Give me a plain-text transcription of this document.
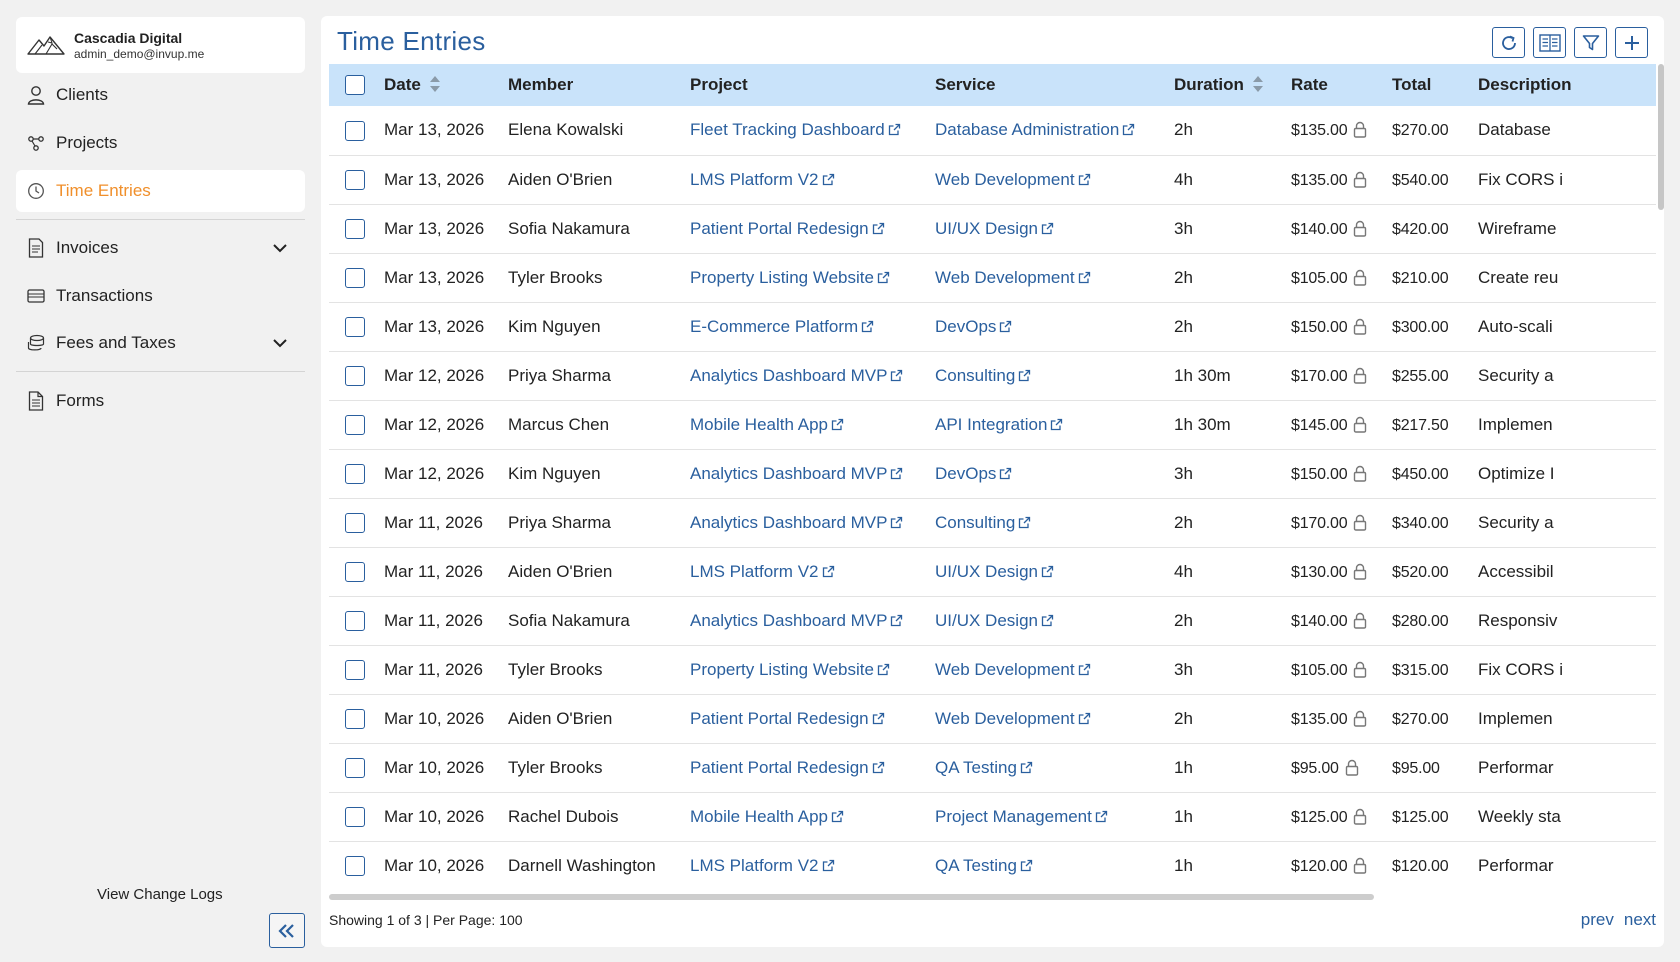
Cascadia Digital
admin_demo@invup.me
Clients
Projects
Time Entries
Invoices
Transactions
Fees and Taxes
Forms
View Change Logs
Time Entries
	Date	Member	Project	Service	Duration	Rate	Total	Description
	Mar 13, 2026	Elena Kowalski	Fleet Tracking Dashboard	Database Administration	2h	$135.00	$270.00	Database
	Mar 13, 2026	Aiden O'Brien	LMS Platform V2	Web Development	4h	$135.00	$540.00	Fix CORS i
	Mar 13, 2026	Sofia Nakamura	Patient Portal Redesign	UI/UX Design	3h	$140.00	$420.00	Wireframe
	Mar 13, 2026	Tyler Brooks	Property Listing Website	Web Development	2h	$105.00	$210.00	Create reu
	Mar 13, 2026	Kim Nguyen	E-Commerce Platform	DevOps	2h	$150.00	$300.00	Auto-scali
	Mar 12, 2026	Priya Sharma	Analytics Dashboard MVP	Consulting	1h 30m	$170.00	$255.00	Security a
	Mar 12, 2026	Marcus Chen	Mobile Health App	API Integration	1h 30m	$145.00	$217.50	Implemen
	Mar 12, 2026	Kim Nguyen	Analytics Dashboard MVP	DevOps	3h	$150.00	$450.00	Optimize I
	Mar 11, 2026	Priya Sharma	Analytics Dashboard MVP	Consulting	2h	$170.00	$340.00	Security a
	Mar 11, 2026	Aiden O'Brien	LMS Platform V2	UI/UX Design	4h	$130.00	$520.00	Accessibil
	Mar 11, 2026	Sofia Nakamura	Analytics Dashboard MVP	UI/UX Design	2h	$140.00	$280.00	Responsiv
	Mar 11, 2026	Tyler Brooks	Property Listing Website	Web Development	3h	$105.00	$315.00	Fix CORS i
	Mar 10, 2026	Aiden O'Brien	Patient Portal Redesign	Web Development	2h	$135.00	$270.00	Implemen
	Mar 10, 2026	Tyler Brooks	Patient Portal Redesign	QA Testing	1h	$95.00	$95.00	Performar
	Mar 10, 2026	Rachel Dubois	Mobile Health App	Project Management	1h	$125.00	$125.00	Weekly sta
	Mar 10, 2026	Darnell Washington	LMS Platform V2	QA Testing	1h	$120.00	$120.00	Performar
Showing 1 of 3 | Per Page: 100	prev next
